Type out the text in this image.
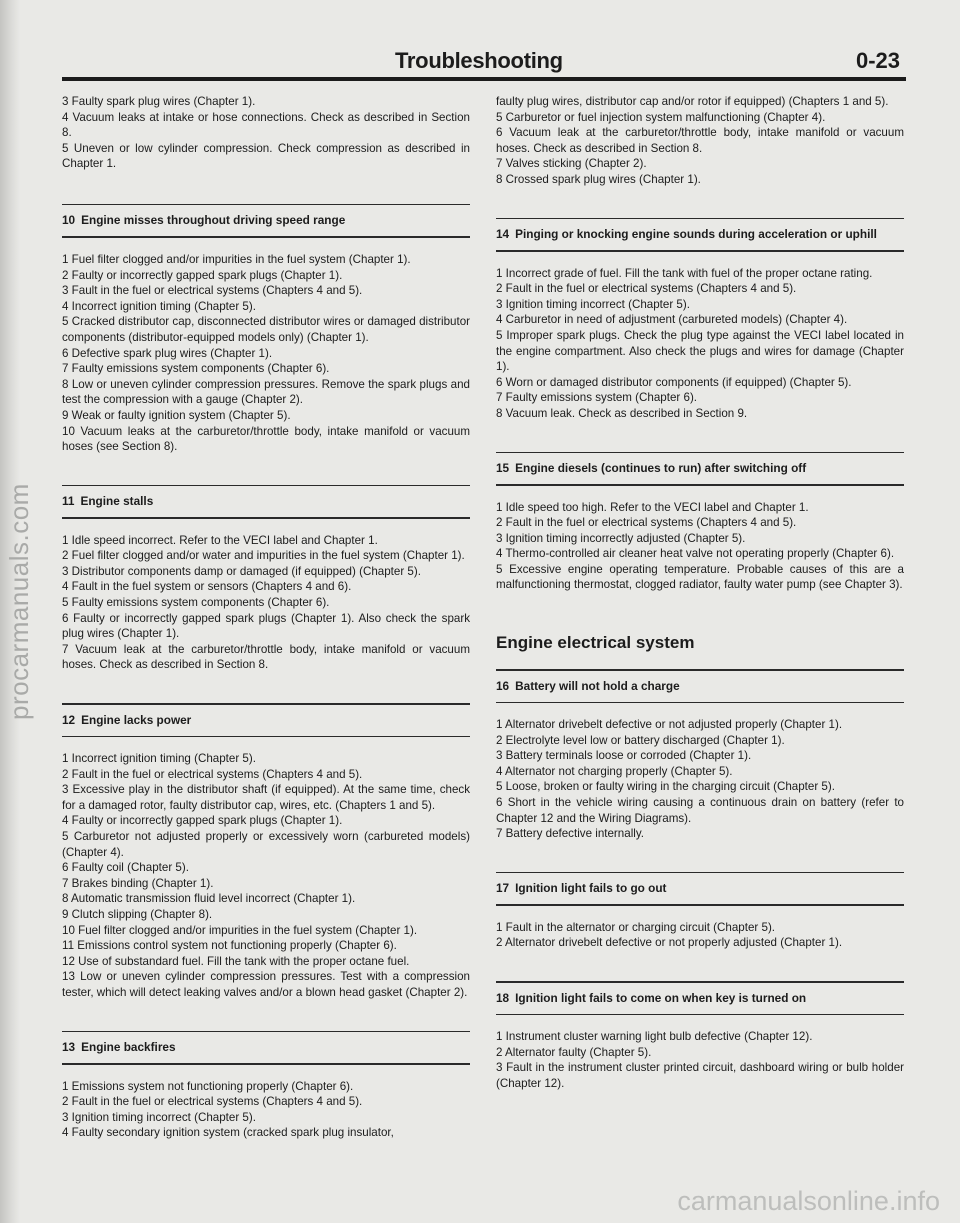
procarmanuals.com
Troubleshooting	0-23

3 Faulty spark plug wires (Chapter 1).

4 Vacuum leaks at intake or hose connections. Check as described in Section 8.

5 Uneven or low cylinder compression. Check compression as described in Chapter 1.

10 Engine misses throughout driving speed range

1 Fuel filter clogged and/or impurities in the fuel system (Chapter 1).

2 Faulty or incorrectly gapped spark plugs (Chapter 1).

3 Fault in the fuel or electrical systems (Chapters 4 and 5).

4 Incorrect ignition timing (Chapter 5).

5 Cracked distributor cap, disconnected distributor wires or damaged distributor components (distributor-equipped models only) (Chapter 1).

6 Defective spark plug wires (Chapter 1).

7 Faulty emissions system components (Chapter 6).

8 Low or uneven cylinder compression pressures. Remove the spark plugs and test the compression with a gauge (Chapter 2).

9 Weak or faulty ignition system (Chapter 5).

10 Vacuum leaks at the carburetor/throttle body, intake manifold or vacuum hoses (see Section 8).

11 Engine stalls

1 Idle speed incorrect. Refer to the VECI label and Chapter 1.

2 Fuel filter clogged and/or water and impurities in the fuel system (Chapter 1).

3 Distributor components damp or damaged (if equipped) (Chapter 5).

4 Fault in the fuel system or sensors (Chapters 4 and 6).

5 Faulty emissions system components (Chapter 6).

6 Faulty or incorrectly gapped spark plugs (Chapter 1). Also check the spark plug wires (Chapter 1).

7 Vacuum leak at the carburetor/throttle body, intake manifold or vacuum hoses. Check as described in Section 8.

12 Engine lacks power

1 Incorrect ignition timing (Chapter 5).

2 Fault in the fuel or electrical systems (Chapters 4 and 5).

3 Excessive play in the distributor shaft (if equipped). At the same time, check for a damaged rotor, faulty distributor cap, wires, etc. (Chapters 1 and 5).

4 Faulty or incorrectly gapped spark plugs (Chapter 1).

5 Carburetor not adjusted properly or excessively worn (carbureted models) (Chapter 4).

6 Faulty coil (Chapter 5).

7 Brakes binding (Chapter 1).

8 Automatic transmission fluid level incorrect (Chapter 1).

9 Clutch slipping (Chapter 8).

10 Fuel filter clogged and/or impurities in the fuel system (Chapter 1).

11 Emissions control system not functioning properly (Chapter 6).

12 Use of substandard fuel. Fill the tank with the proper octane fuel.

13 Low or uneven cylinder compression pressures. Test with a compression tester, which will detect leaking valves and/or a blown head gasket (Chapter 2).

13 Engine backfires

1 Emissions system not functioning properly (Chapter 6).

2 Fault in the fuel or electrical systems (Chapters 4 and 5).

3 Ignition timing incorrect (Chapter 5).

4 Faulty secondary ignition system (cracked spark plug insulator,

faulty plug wires, distributor cap and/or rotor if equipped) (Chapters 1 and 5).

5 Carburetor or fuel injection system malfunctioning (Chapter 4).

6 Vacuum leak at the carburetor/throttle body, intake manifold or vacuum hoses. Check as described in Section 8.

7 Valves sticking (Chapter 2).

8 Crossed spark plug wires (Chapter 1).

14 Pinging or knocking engine sounds during acceleration or uphill

1 Incorrect grade of fuel. Fill the tank with fuel of the proper octane rating.

2 Fault in the fuel or electrical systems (Chapters 4 and 5).

3 Ignition timing incorrect (Chapter 5).

4 Carburetor in need of adjustment (carbureted models) (Chapter 4).

5 Improper spark plugs. Check the plug type against the VECI label located in the engine compartment. Also check the plugs and wires for damage (Chapter 1).

6 Worn or damaged distributor components (if equipped) (Chapter 5).

7 Faulty emissions system (Chapter 6).

8 Vacuum leak. Check as described in Section 9.

15 Engine diesels (continues to run) after switching off

1 Idle speed too high. Refer to the VECI label and Chapter 1.

2 Fault in the fuel or electrical systems (Chapters 4 and 5).

3 Ignition timing incorrectly adjusted (Chapter 5).

4 Thermo-controlled air cleaner heat valve not operating properly (Chapter 6).

5 Excessive engine operating temperature. Probable causes of this are a malfunctioning thermostat, clogged radiator, faulty water pump (see Chapter 3).

Engine electrical system
16 Battery will not hold a charge

1 Alternator drivebelt defective or not adjusted properly (Chapter 1).

2 Electrolyte level low or battery discharged (Chapter 1).

3 Battery terminals loose or corroded (Chapter 1).

4 Alternator not charging properly (Chapter 5).

5 Loose, broken or faulty wiring in the charging circuit (Chapter 5).

6 Short in the vehicle wiring causing a continuous drain on battery (refer to Chapter 12 and the Wiring Diagrams).

7 Battery defective internally.

17 Ignition light fails to go out

1 Fault in the alternator or charging circuit (Chapter 5).

2 Alternator drivebelt defective or not properly adjusted (Chapter 1).

18 Ignition light fails to come on when key is turned on

1 Instrument cluster warning light bulb defective (Chapter 12).

2 Alternator faulty (Chapter 5).

3 Fault in the instrument cluster printed circuit, dashboard wiring or bulb holder (Chapter 12).

carmanualsonline.info
